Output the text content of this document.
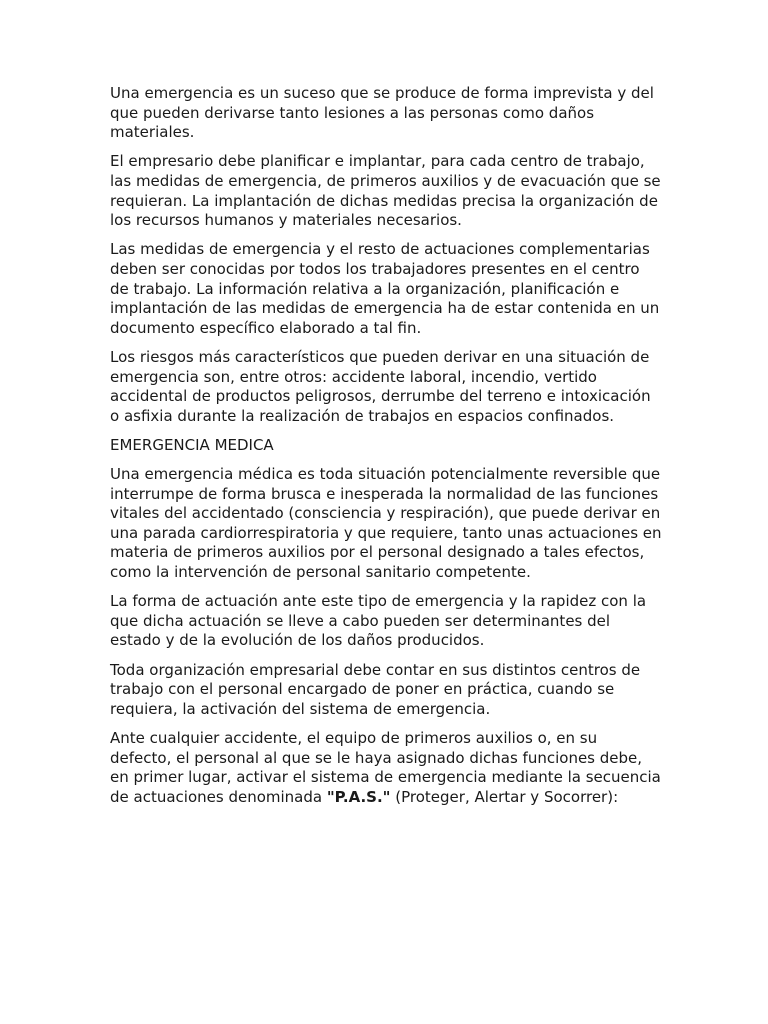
Una emergencia es un suceso que se produce de forma imprevista y del que pueden derivarse tanto lesiones a las personas como daños materiales.

El empresario debe planificar e implantar, para cada centro de trabajo, las medidas de emergencia, de primeros auxilios y de evacuación que se requieran. La implantación de dichas medidas precisa la organización de los recursos humanos y materiales necesarios.

Las medidas de emergencia y el resto de actuaciones complementarias deben ser conocidas por todos los trabajadores presentes en el centro de trabajo. La información relativa a la organización, planificación e implantación de las medidas de emergencia ha de estar contenida en un documento específico elaborado a tal fin.

Los riesgos más característicos que pueden derivar en una situación de emergencia son, entre otros: accidente laboral, incendio, vertido accidental de productos peligrosos, derrumbe del terreno e intoxicación o asfixia durante la realización de trabajos en espacios confinados.

EMERGENCIA MEDICA

Una emergencia médica es toda situación potencialmente reversible que interrumpe de forma brusca e inesperada la normalidad de las funciones vitales del accidentado (consciencia y respiración), que puede derivar en una parada cardiorrespiratoria y que requiere, tanto unas actuaciones en materia de primeros auxilios por el personal designado a tales efectos, como la intervención de personal sanitario competente.

La forma de actuación ante este tipo de emergencia y la rapidez con la que dicha actuación se lleve a cabo pueden ser determinantes del estado y de la evolución de los daños producidos.

Toda organización empresarial debe contar en sus distintos centros de trabajo con el personal encargado de poner en práctica, cuando se requiera, la activación del sistema de emergencia.

Ante cualquier accidente, el equipo de primeros auxilios o, en su defecto, el personal al que se le haya asignado dichas funciones debe, en primer lugar, activar el sistema de emergencia mediante la secuencia de actuaciones denominada "P.A.S." (Proteger, Alertar y Socorrer):
